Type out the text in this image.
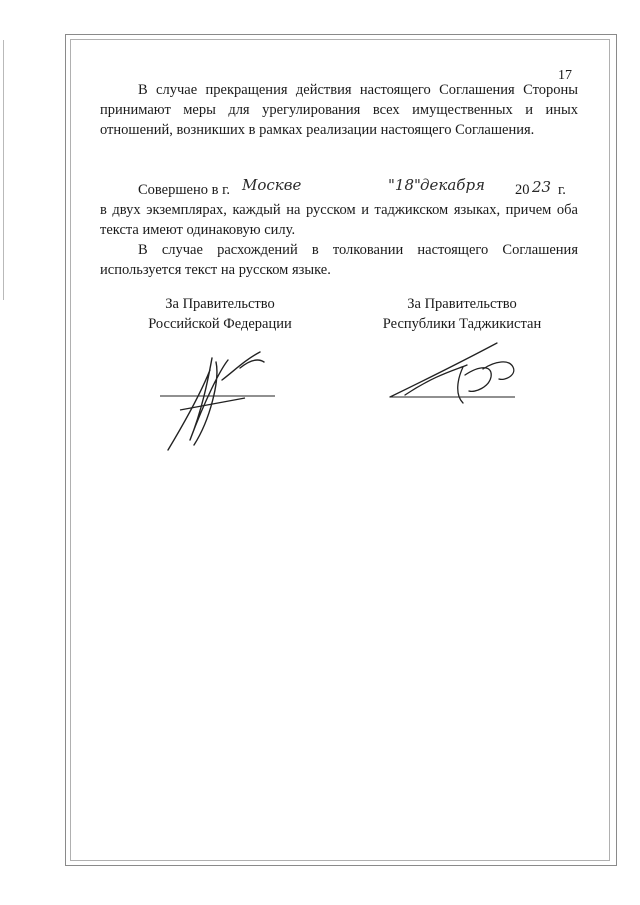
17
В случае прекращения действия настоящего Соглашения Стороны принимают меры для урегулирования всех имущественных и иных отношений, возникших в рамках реализации настоящего Соглашения.
Совершено в г. Москве	"18" декабря 20 23 г.
в двух экземплярах, каждый на русском и таджикском языках, причем оба текста имеют одинаковую силу.
В случае расхождений в толковании настоящего Соглашения используется текст на русском языке.
За Правительство
Российской Федерации
За Правительство
Республики Таджикистан
